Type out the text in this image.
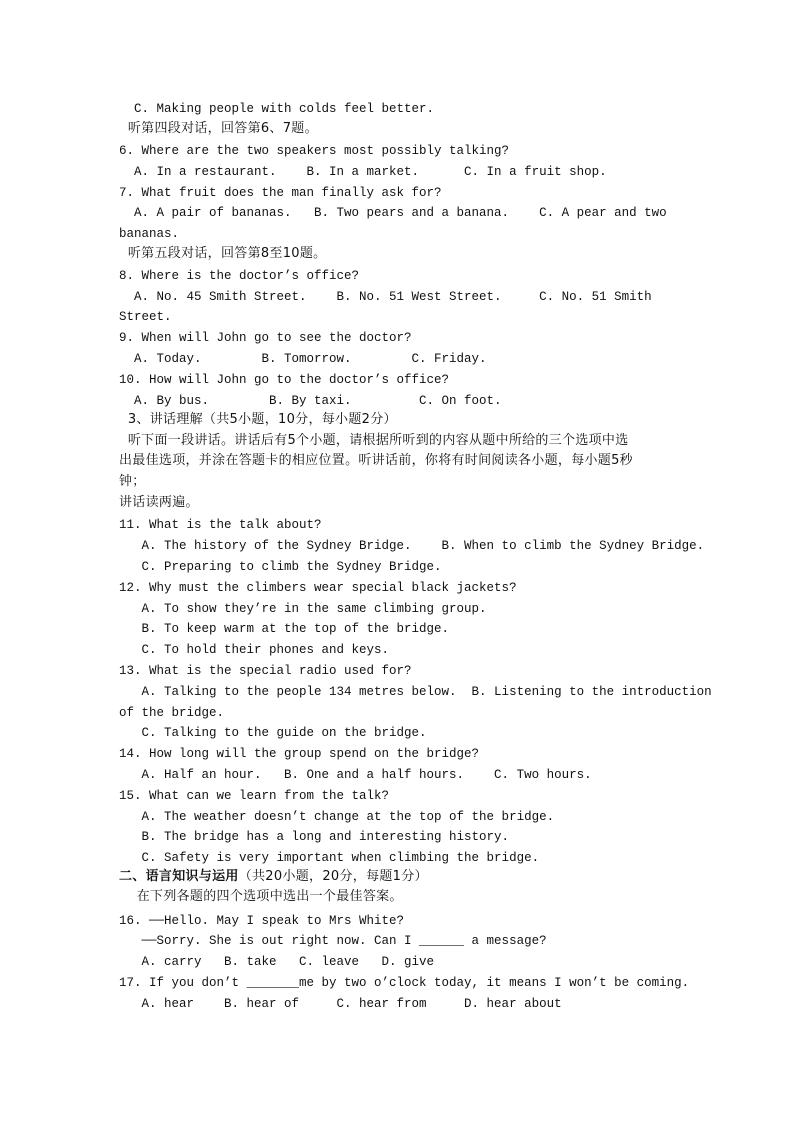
C. Making people with colds feel better.
听第四段对话，回答第6、7题。
6. Where are the two speakers most possibly talking?
A. In a restaurant.    B. In a market.      C. In a fruit shop.
7. What fruit does the man finally ask for?
A. A pair of bananas.   B. Two pears and a banana.    C. A pear and two
bananas.
听第五段对话，回答第8至10题。
8. Where is the doctor’s office?
A. No. 45 Smith Street.    B. No. 51 West Street.     C. No. 51 Smith
Street.
9. When will John go to see the doctor?
A. Today.        B. Tomorrow.        C. Friday.
10. How will John go to the doctor’s office?
A. By bus.        B. By taxi.         C. On foot.
3、讲话理解（共5小题，10分，每小题2分）
听下面一段讲话。讲话后有5个小题，请根据所听到的内容从题中所给的三个选项中选
出最佳选项，并涂在答题卡的相应位置。听讲话前，你将有时间阅读各小题，每小题5秒
钟；
讲话读两遍。
11. What is the talk about?
A. The history of the Sydney Bridge.    B. When to climb the Sydney Bridge.
C. Preparing to climb the Sydney Bridge.
12. Why must the climbers wear special black jackets?
A. To show they’re in the same climbing group.
B. To keep warm at the top of the bridge.
C. To hold their phones and keys.
13. What is the special radio used for?
A. Talking to the people 134 metres below.  B. Listening to the introduction
of the bridge.
C. Talking to the guide on the bridge.
14. How long will the group spend on the bridge?
A. Half an hour.   B. One and a half hours.    C. Two hours.
15. What can we learn from the talk?
A. The weather doesn’t change at the top of the bridge.
B. The bridge has a long and interesting history.
C. Safety is very important when climbing the bridge.
二、语言知识与运用（共20小题，20分，每题1分）
在下列各题的四个选项中选出一个最佳答案。
16. ──Hello. May I speak to Mrs White?
──Sorry. She is out right now. Can I ______ a message?
A. carry   B. take   C. leave   D. give
17. If you don’t _______me by two o’clock today, it means I won’t be coming.
A. hear    B. hear of     C. hear from     D. hear about
